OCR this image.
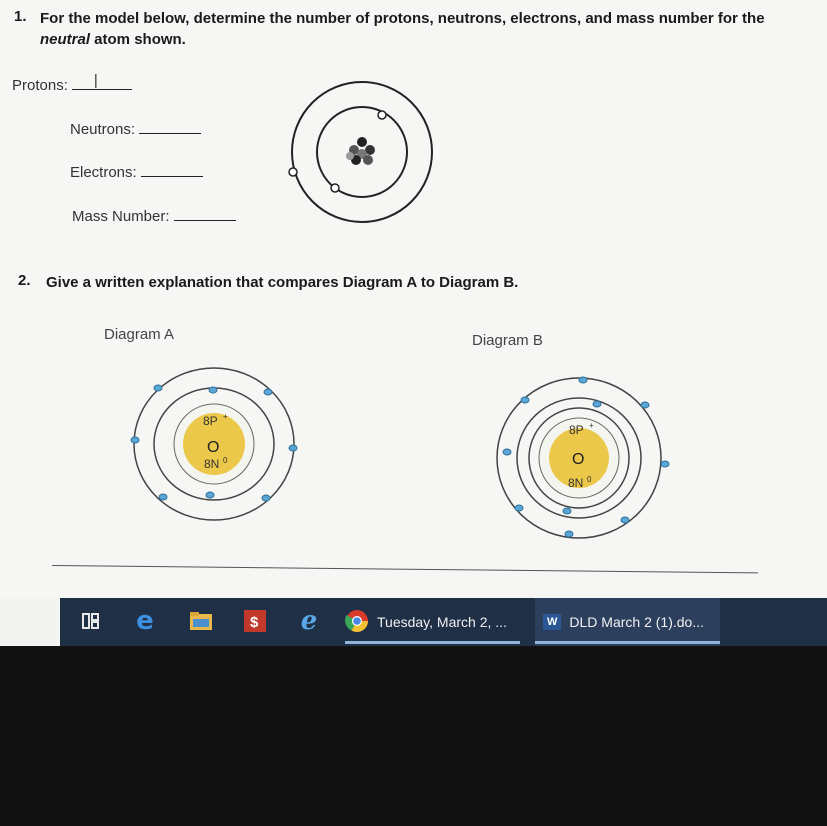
1. For the model below, determine the number of protons, neutrons, electrons, and mass number for the neutral atom shown.
Protons: |
Neutrons:
Electrons:
Mass Number:
2. Give a written explanation that compares Diagram A to Diagram B.
Diagram A	Diagram B
8P +
O
8N 0
8P +
O
8N 0
e	$ e	Tuesday, March 2, ...	W DLD March 2 (1).do...
